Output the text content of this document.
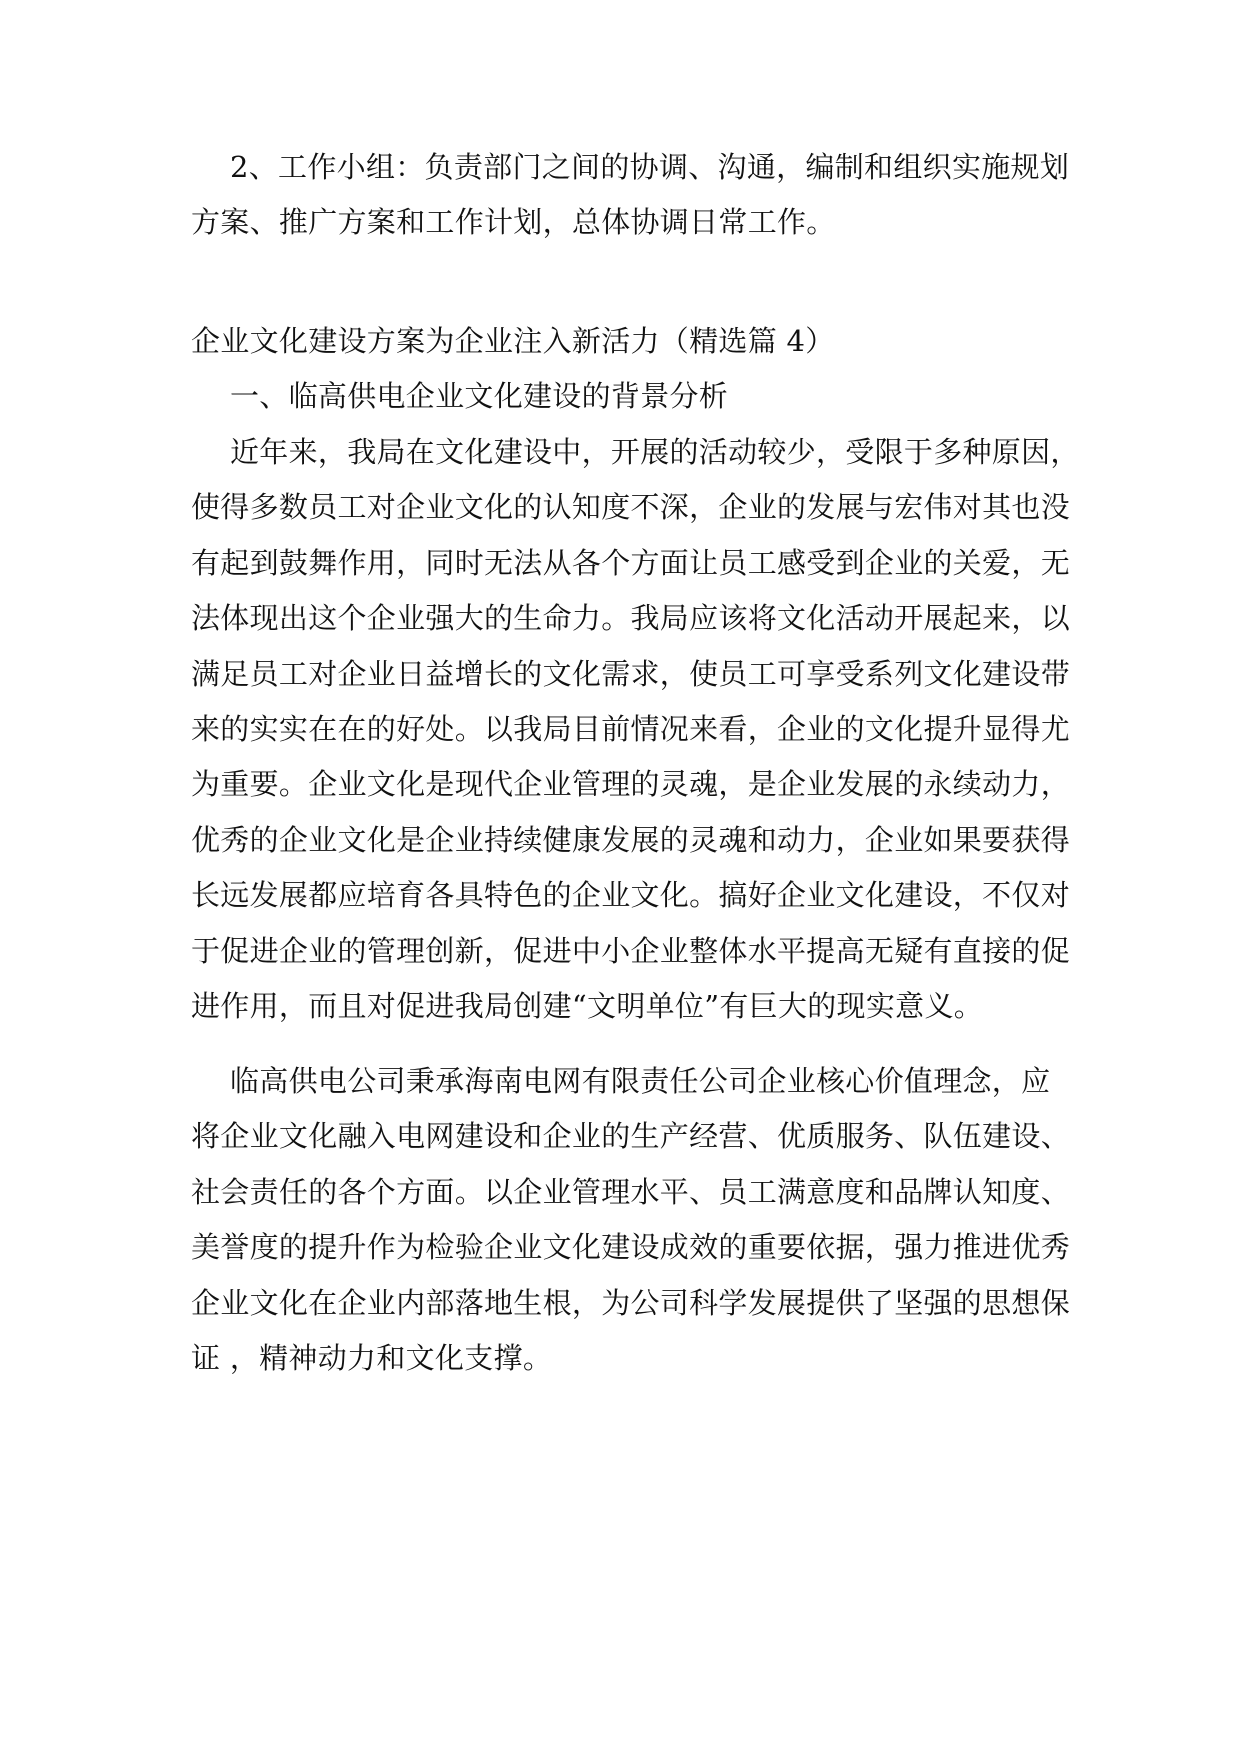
2、工作小组：负责部门之间的协调、沟通，编制和组织实施规划
方案、推广方案和工作计划，总体协调日常工作。
企业文化建设方案为企业注入新活力（精选篇 4）
一、临高供电企业文化建设的背景分析
近年来，我局在文化建设中，开展的活动较少，受限于多种原因，
使得多数员工对企业文化的认知度不深，企业的发展与宏伟对其也没
有起到鼓舞作用，同时无法从各个方面让员工感受到企业的关爱，无
法体现出这个企业强大的生命力。我局应该将文化活动开展起来，以
满足员工对企业日益增长的文化需求，使员工可享受系列文化建设带
来的实实在在的好处。以我局目前情况来看，企业的文化提升显得尤
为重要。企业文化是现代企业管理的灵魂，是企业发展的永续动力，
优秀的企业文化是企业持续健康发展的灵魂和动力，企业如果要获得
长远发展都应培育各具特色的企业文化。搞好企业文化建设，不仅对
于促进企业的管理创新，促进中小企业整体水平提高无疑有直接的促
进作用，而且对促进我局创建“文明单位”有巨大的现实意义。
临高供电公司秉承海南电网有限责任公司企业核心价值理念，应
将企业文化融入电网建设和企业的生产经营、优质服务、队伍建设、
社会责任的各个方面。以企业管理水平、员工满意度和品牌认知度、
美誉度的提升作为检验企业文化建设成效的重要依据，强力推进优秀
企业文化在企业内部落地生根，为公司科学发展提供了坚强的思想保
证 ，精神动力和文化支撑。
